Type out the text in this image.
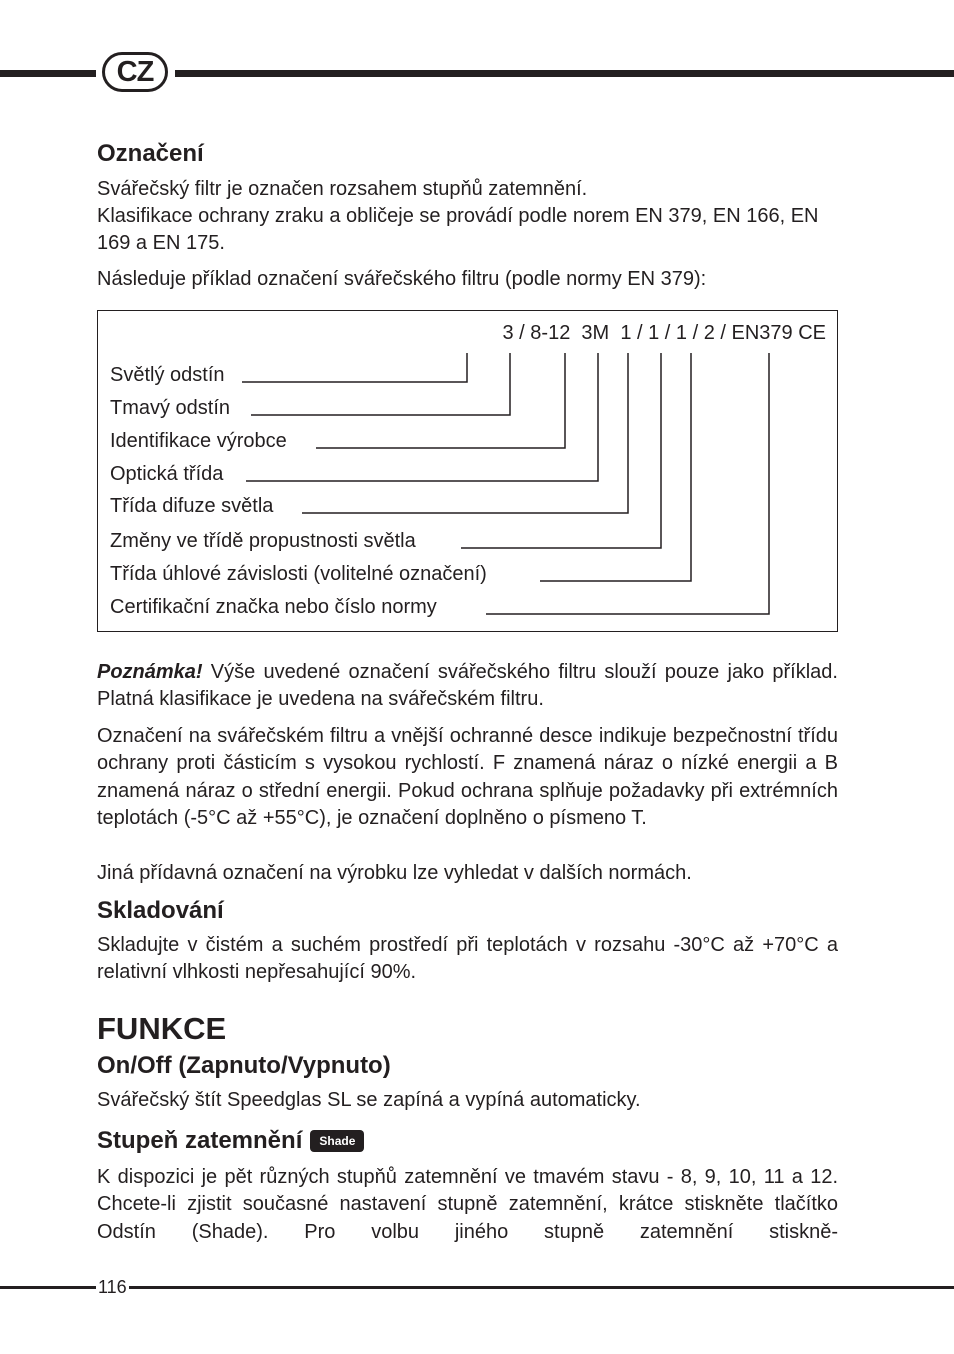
CZ
Označení

Svářečský filtr je označen rozsahem stupňů zatemnění.

Klasifikace ochrany zraku a obličeje se provádí podle norem EN 379, EN 166, EN 169 a EN 175.

Následuje příklad označení svářečského filtru (podle normy EN 379):

3 / 8-12  3M  1 / 1 / 1 / 2 / EN379 CE
Světlý odstín
Tmavý odstín
Identifikace výrobce
Optická třída
Třída difuze světla
Změny ve třídě propustnosti světla
Třída úhlové závislosti (volitelné označení)
Certifikační značka nebo číslo normy

Poznámka! Výše uvedené označení svářečského filtru slouží pouze jako příklad. Platná klasifikace je uvedena na svářečském filtru.

Označení na svářečském filtru a vnější ochranné desce indikuje bezpečnostní třídu ochrany proti částicím s vysokou rychlostí. F znamená náraz o nízké energii a B znamená náraz o střední energii. Pokud ochrana splňuje požadavky při extrémních teplotách (-5°C až +55°C), je označení doplněno o písmeno T.

Jiná přídavná označení na výrobku lze vyhledat v dalších normách.

Skladování

Skladujte v čistém a suchém prostředí při teplotách v rozsahu -30°C až +70°C a relativní vlhkosti nepřesahující 90%.

FUNKCE
On/Off (Zapnuto/Vypnuto)

Svářečský štít Speedglas SL se zapíná a vypíná automaticky.

Stupeň zatemnění Shade

K dispozici je pět různých stupňů zatemnění ve tmavém stavu - 8, 9, 10, 11 a 12. Chcete-li zjistit současné nastavení stupně zatemnění, krátce stiskněte tlačítko Odstín (Shade). Pro volbu jiného stupně zatemnění stiskně-

116
